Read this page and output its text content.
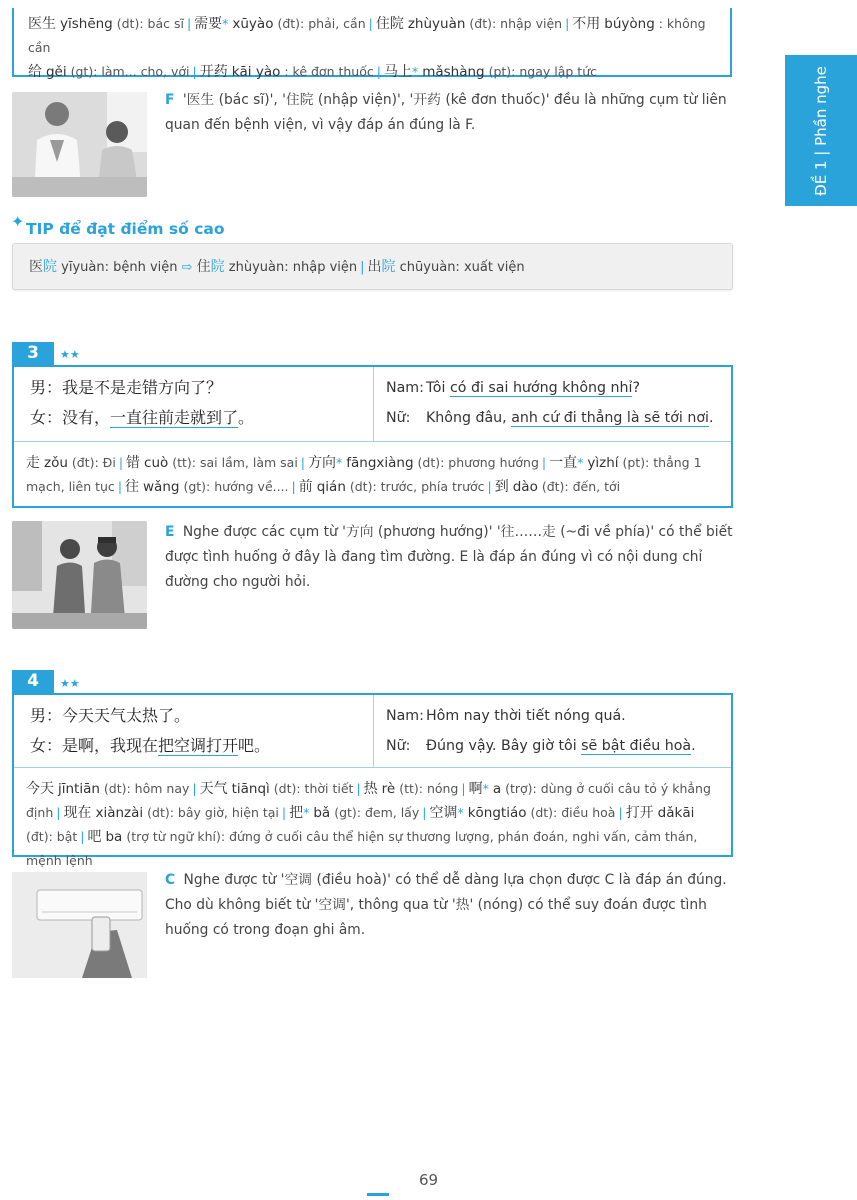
ĐỀ 1 | Phần nghe
医生 yīshēng (dt): bác sĩ | 需要* xūyào (đt): phải, cần | 住院 zhùyuàn (đt): nhập viện | 不用 búyòng : không cần
给 gěi (gt): làm... cho, với | 开药 kāi yào : kê đơn thuốc | 马上* mǎshàng (pt): ngay lập tức
F '医生 (bác sĩ)', '住院 (nhập viện)', '开药 (kê đơn thuốc)' đều là những cụm từ liên quan đến bệnh viện, vì vậy đáp án đúng là F.
✦ TIP để đạt điểm số cao
医院 yīyuàn: bệnh viện ⇨ 住院 zhùyuàn: nhập viện | 出院 chūyuàn: xuất viện
3	★★
男：我是不是走错方向了？
女：没有，一直往前走就到了。
Nam: Tôi có đi sai hướng không nhỉ?
Nữ: Không đâu, anh cứ đi thẳng là sẽ tới nơi.
走 zǒu (đt): Đi | 错 cuò (tt): sai lầm, làm sai | 方向* fāngxiàng (dt): phương hướng | 一直* yìzhí (pt): thẳng 1 mạch, liên tục | 往 wǎng (gt): hướng về.... | 前 qián (dt): trước, phía trước | 到 dào (đt): đến, tới
E Nghe được các cụm từ '方向 (phương hướng)' '往……走 (~đi về phía)' có thể biết được tình huống ở đây là đang tìm đường. E là đáp án đúng vì có nội dung chỉ đường cho người hỏi.
4	★★
男：今天天气太热了。
女：是啊，我现在把空调打开吧。
Nam: Hôm nay thời tiết nóng quá.
Nữ: Đúng vậy. Bây giờ tôi sẽ bật điều hoà.
今天 jīntiān (dt): hôm nay | 天气 tiānqì (dt): thời tiết | 热 rè (tt): nóng | 啊* a (trợ): dùng ở cuối câu tỏ ý khẳng định | 现在 xiànzài (dt): bây giờ, hiện tại | 把* bǎ (gt): đem, lấy | 空调* kōngtiáo (dt): điều hoà | 打开 dǎkāi (đt): bật | 吧 ba (trợ từ ngữ khí): đứng ở cuối câu thể hiện sự thương lượng, phán đoán, nghi vấn, cảm thán, mệnh lệnh
C Nghe được từ '空调 (điều hoà)' có thể dễ dàng lựa chọn được C là đáp án đúng. Cho dù không biết từ '空调', thông qua từ '热' (nóng) có thể suy đoán được tình huống có trong đoạn ghi âm.
69
